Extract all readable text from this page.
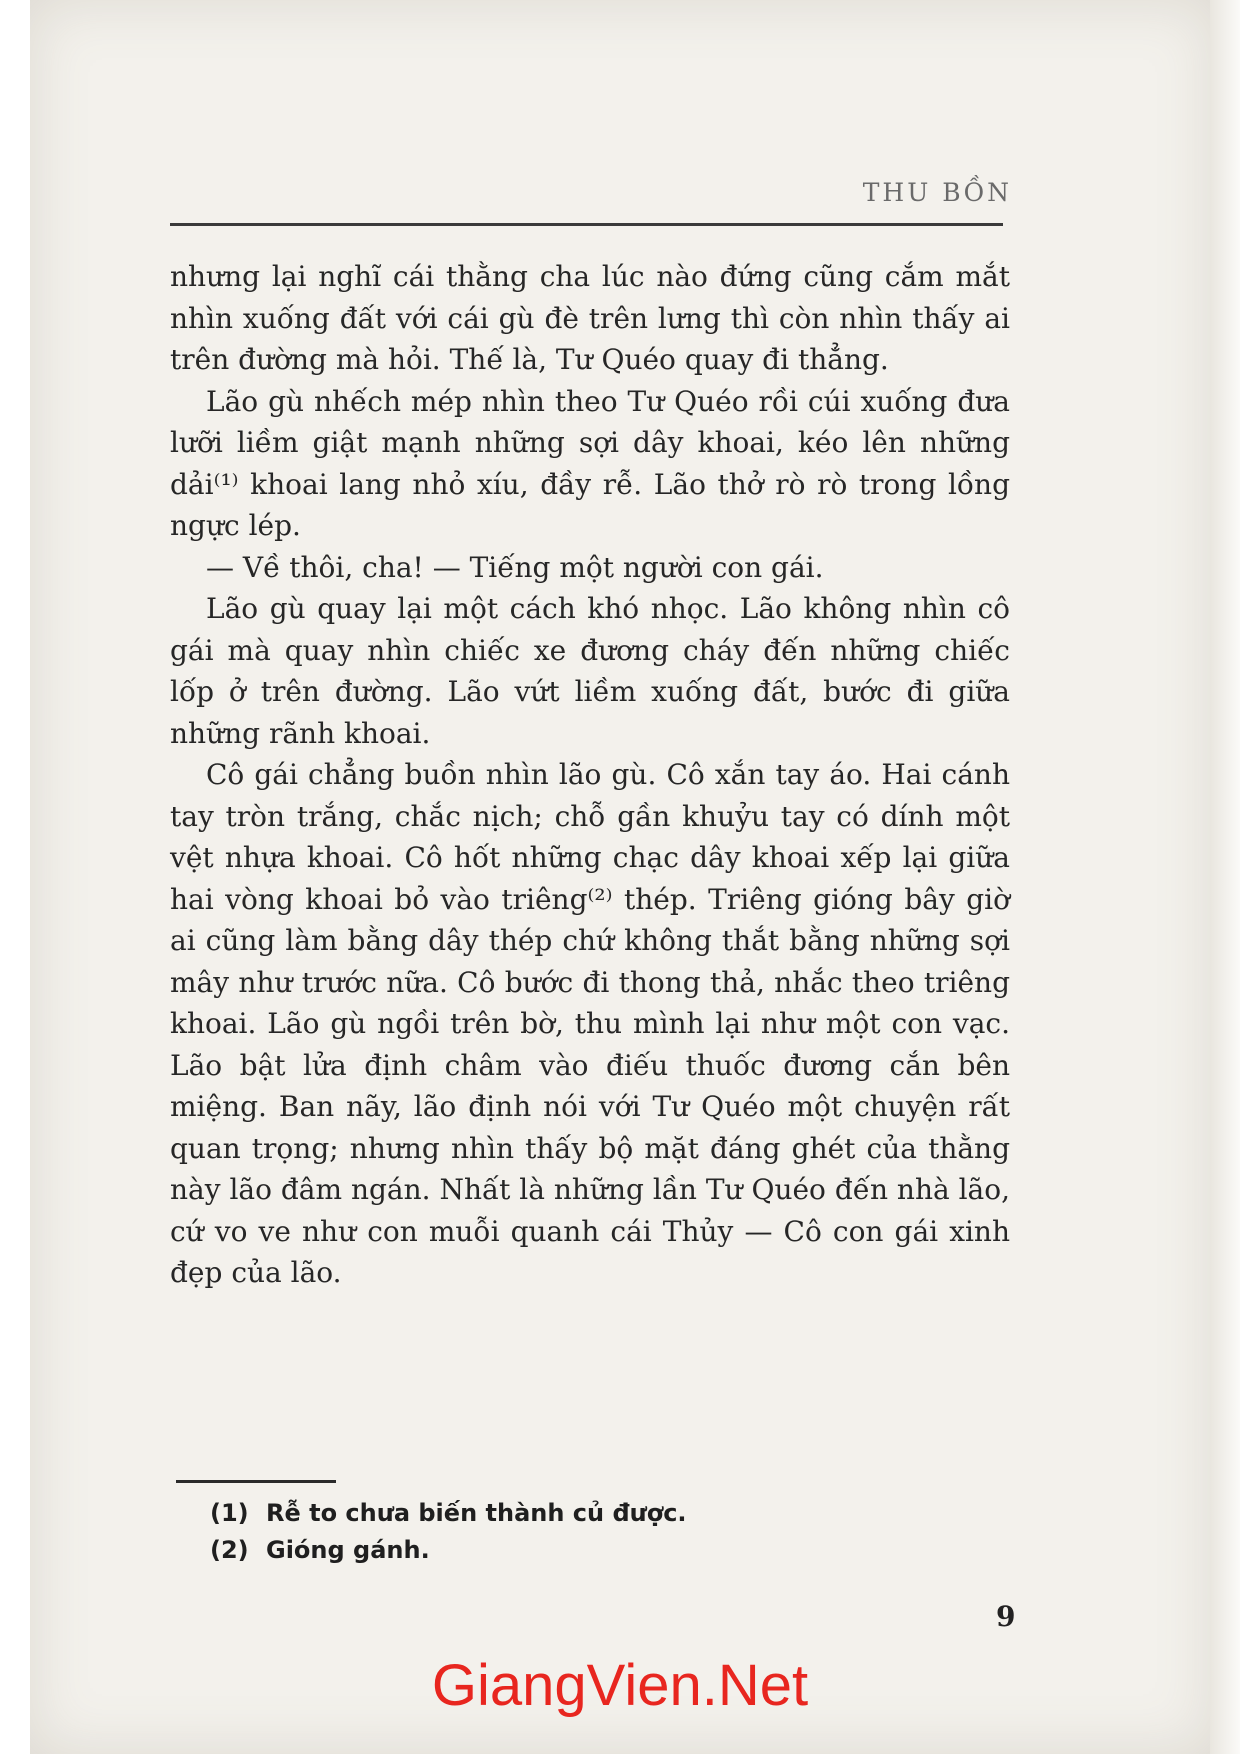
THU BỒN

nhưng lại nghĩ cái thằng cha lúc nào đứng cũng cắm mắt nhìn xuống đất với cái gù đè trên lưng thì còn nhìn thấy ai trên đường mà hỏi. Thế là, Tư Quéo quay đi thẳng.

Lão gù nhếch mép nhìn theo Tư Quéo rồi cúi xuống đưa lưỡi liềm giật mạnh những sợi dây khoai, kéo lên những dải⁽¹⁾ khoai lang nhỏ xíu, đầy rễ. Lão thở rò rò trong lồng ngực lép.

— Về thôi, cha! — Tiếng một người con gái.

Lão gù quay lại một cách khó nhọc. Lão không nhìn cô gái mà quay nhìn chiếc xe đương cháy đến những chiếc lốp ở trên đường. Lão vứt liềm xuống đất, bước đi giữa những rãnh khoai.

Cô gái chẳng buồn nhìn lão gù. Cô xắn tay áo. Hai cánh tay tròn trắng, chắc nịch; chỗ gần khuỷu tay có dính một vệt nhựa khoai. Cô hốt những chạc dây khoai xếp lại giữa hai vòng khoai bỏ vào triêng⁽²⁾ thép. Triêng gióng bây giờ ai cũng làm bằng dây thép chứ không thắt bằng những sợi mây như trước nữa. Cô bước đi thong thả, nhắc theo triêng khoai. Lão gù ngồi trên bờ, thu mình lại như một con vạc. Lão bật lửa định châm vào điếu thuốc đương cắn bên miệng. Ban nãy, lão định nói với Tư Quéo một chuyện rất quan trọng; nhưng nhìn thấy bộ mặt đáng ghét của thằng này lão đâm ngán. Nhất là những lần Tư Quéo đến nhà lão, cứ vo ve như con muỗi quanh cái Thủy — Cô con gái xinh đẹp của lão.

(1) Rễ to chưa biến thành củ được.
(2) Gióng gánh.
9
GiangVien.Net
